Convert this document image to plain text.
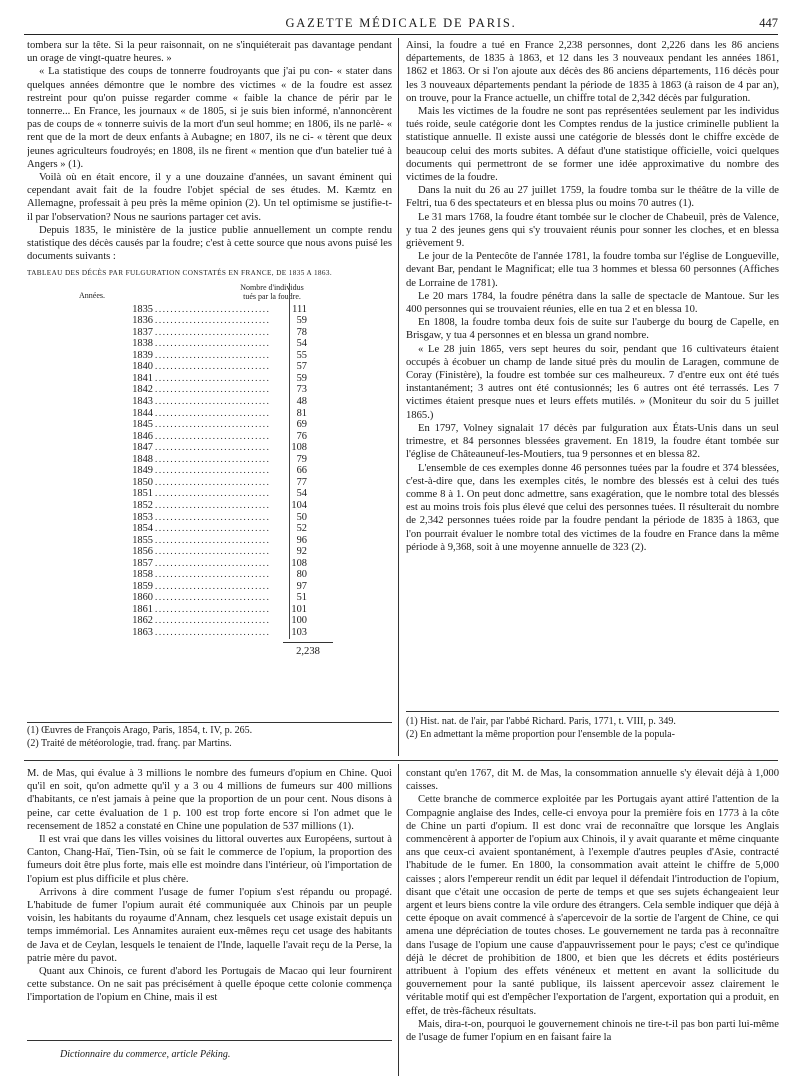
GAZETTE MÉDICALE DE PARIS.	447

tombera sur la tête. Si la peur raisonnait, on ne s'inquiéterait pas davantage pendant un orage de vingt-quatre heures. »

« La statistique des coups de tonnerre foudroyants que j'ai pu con- « stater dans quelques années démontre que le nombre des victimes « de la foudre est assez restreint pour qu'on puisse regarder comme « faible la chance de périr par le tonnerre... En France, les journaux « de 1805, si je suis bien informé, n'annoncèrent pas de coups de « tonnerre suivis de la mort d'un seul homme; en 1806, ils ne parlè- « rent que de la mort de deux enfants à Aubagne; en 1807, ils ne ci- « tèrent que deux jeunes agriculteurs foudroyés; en 1808, ils ne firent « mention que d'un batelier tué à Angers » (1).

Voilà où en était encore, il y a une douzaine d'années, un savant éminent qui cependant avait fait de la foudre l'objet spécial de ses études. M. Kæmtz en Allemagne, professait à peu près la même opinion (2). Un tel optimisme se justifie-t-il par l'observation? Nous ne saurions partager cet avis.

Depuis 1835, le ministère de la justice publie annuellement un compte rendu statistique des décès causés par la foudre; c'est à cette source que nous avons puisé les documents suivants :

TABLEAU DES DÉCÈS PAR FULGURATION CONSTATÉS EN FRANCE, DE 1835 A 1863.
Années.
Nombre d'individus tués par la foudre.
1835 ..............................	111
1836 ..............................	59
1837 ..............................	78
1838 ..............................	54
1839 ..............................	55
1840 ..............................	57
1841 ..............................	59
1842 ..............................	73
1843 ..............................	48
1844 ..............................	81
1845 ..............................	69
1846 ..............................	76
1847 ..............................	108
1848 ..............................	79
1849 ..............................	66
1850 ..............................	77
1851 ..............................	54
1852 ..............................	104
1853 ..............................	50
1854 ..............................	52
1855 ..............................	96
1856 ..............................	92
1857 ..............................	108
1858 ..............................	80
1859 ..............................	97
1860 ..............................	51
1861 ..............................	101
1862 ..............................	100
1863 ..............................	103
2,238

(1) Œuvres de François Arago, Paris, 1854, t. IV, p. 265.

(2) Traité de météorologie, trad. franç. par Martins.

Ainsi, la foudre a tué en France 2,238 personnes, dont 2,226 dans les 86 anciens départements, de 1835 à 1863, et 12 dans les 3 nouveaux pendant les années 1861, 1862 et 1863. Or si l'on ajoute aux décès des 86 anciens départements, 116 décès pour les 3 nouveaux départements pendant la période de 1835 à 1863 (à raison de 4 par an), on trouve, pour la France actuelle, un chiffre total de 2,342 décès par fulguration.

Mais les victimes de la foudre ne sont pas représentées seulement par les individus tués roide, seule catégorie dont les Comptes rendus de la justice criminelle publient la statistique annuelle. Il existe aussi une catégorie de blessés dont le chiffre excède de beaucoup celui des morts subites. A défaut d'une statistique officielle, voici quelques documents qui permettront de se former une idée approximative du nombre des victimes de la foudre.

Dans la nuit du 26 au 27 juillet 1759, la foudre tomba sur le théâtre de la ville de Feltri, tua 6 des spectateurs et en blessa plus ou moins 70 autres (1).

Le 31 mars 1768, la foudre étant tombée sur le clocher de Chabeuil, près de Valence, y tua 2 des jeunes gens qui s'y trouvaient réunis pour sonner les cloches, et en blessa grièvement 9.

Le jour de la Pentecôte de l'année 1781, la foudre tomba sur l'église de Longueville, devant Bar, pendant le Magnificat; elle tua 3 hommes et blessa 60 personnes (Affiches de Lorraine de 1781).

Le 20 mars 1784, la foudre pénétra dans la salle de spectacle de Mantoue. Sur les 400 personnes qui se trouvaient réunies, elle en tua 2 et en blessa 10.

En 1808, la foudre tomba deux fois de suite sur l'auberge du bourg de Capelle, en Brisgaw, y tua 4 personnes et en blessa un grand nombre.

« Le 28 juin 1865, vers sept heures du soir, pendant que 16 cultivateurs étaient occupés à écobuer un champ de lande situé près du moulin de Laragen, commune de Coray (Finistère), la foudre est tombée sur ces malheureux. 7 d'entre eux ont été tués instantanément; 3 autres ont été contusionnés; les 6 autres ont été terrassés. Les 7 victimes étaient presque nues et leurs effets mutilés. » (Moniteur du soir du 5 juillet 1865.)

En 1797, Volney signalait 17 décès par fulguration aux États-Unis dans un seul trimestre, et 84 personnes blessées gravement. En 1819, la foudre étant tombée sur l'église de Châteauneuf-les-Moutiers, tua 9 personnes et en blessa 82.

L'ensemble de ces exemples donne 46 personnes tuées par la foudre et 374 blessées, c'est-à-dire que, dans les exemples cités, le nombre des blessés est à celui des tués comme 8 à 1. On peut donc admettre, sans exagération, que le nombre total des blessés est au moins trois fois plus élevé que celui des personnes tuées. Il résulterait du nombre de 2,342 personnes tuées roide par la foudre pendant la période de 1835 à 1863, que l'on pourrait évaluer le nombre total des victimes de la foudre en France dans la même période à 9,368, soit à une moyenne annuelle de 323 (2).

(1) Hist. nat. de l'air, par l'abbé Richard. Paris, 1771, t. VIII, p. 349.

(2) En admettant la même proportion pour l'ensemble de la popula-

M. de Mas, qui évalue à 3 millions le nombre des fumeurs d'opium en Chine. Quoi qu'il en soit, qu'on admette qu'il y a 3 ou 4 millions de fumeurs sur 400 millions d'habitants, ce n'est jamais à peine que la proportion de un pour cent. Nous disons à peine, car cette évaluation de 1 p. 100 est trop forte encore si l'on admet que le recensement de 1852 a constaté en Chine une population de 537 millions (1).

Il est vrai que dans les villes voisines du littoral ouvertes aux Européens, surtout à Canton, Chang-Haï, Tien-Tsin, où se fait le commerce de l'opium, la proportion des fumeurs doit être plus forte, mais elle est moindre dans l'intérieur, où l'importation de l'opium est plus difficile et plus chère.

Arrivons à dire comment l'usage de fumer l'opium s'est répandu ou propagé. L'habitude de fumer l'opium aurait été communiquée aux Chinois par un peuple voisin, les habitants du royaume d'Annam, chez lesquels cet usage existait depuis un temps immémorial. Les Annamites auraient eux-mêmes reçu cet usage des habitants de Java et de Ceylan, lesquels le tenaient de l'Inde, laquelle l'avait reçu de la Perse, la patrie mère du pavot.

Quant aux Chinois, ce furent d'abord les Portugais de Macao qui leur fournirent cette substance. On ne sait pas précisément à quelle époque cette colonie commença l'importation de l'opium en Chine, mais il est

Dictionnaire du commerce, article Péking.

constant qu'en 1767, dit M. de Mas, la consommation annuelle s'y élevait déjà à 1,000 caisses.

Cette branche de commerce exploitée par les Portugais ayant attiré l'attention de la Compagnie anglaise des Indes, celle-ci envoya pour la première fois en 1773 à la côte de Chine un parti d'opium. Il est donc vrai de reconnaître que lorsque les Anglais commencèrent à apporter de l'opium aux Chinois, il y avait quarante et même cinquante ans que ceux-ci avaient spontanément, à l'exemple d'autres peuples d'Asie, contracté l'habitude de le fumer. En 1800, la consommation avait atteint le chiffre de 5,000 caisses ; alors l'empereur rendit un édit par lequel il défendait l'introduction de l'opium, disant que c'était une occasion de perte de temps et que ses sujets échangeaient leur argent et leurs biens contre la vile ordure des étrangers. Cela semble indiquer que déjà à cette époque on avait commencé à s'apercevoir de la sortie de l'argent de Chine, ce qui amena une dépréciation de toutes choses. Le gouvernement ne tarda pas à reconnaître dans l'usage de l'opium une cause d'appauvrissement pour le pays; c'est ce qu'indique déjà le décret de prohibition de 1800, et bien que les décrets et édits postérieurs attribuent à l'opium des effets vénéneux et mettent en avant la sollicitude du gouvernement pour la santé publique, ils laissent apercevoir assez clairement le véritable motif qui est d'empêcher l'exportation de l'argent, exportation qui a produit, en effet, de très-fâcheux résultats.

Mais, dira-t-on, pourquoi le gouvernement chinois ne tire-t-il pas bon parti lui-même de l'usage de fumer l'opium en en faisant faire la
